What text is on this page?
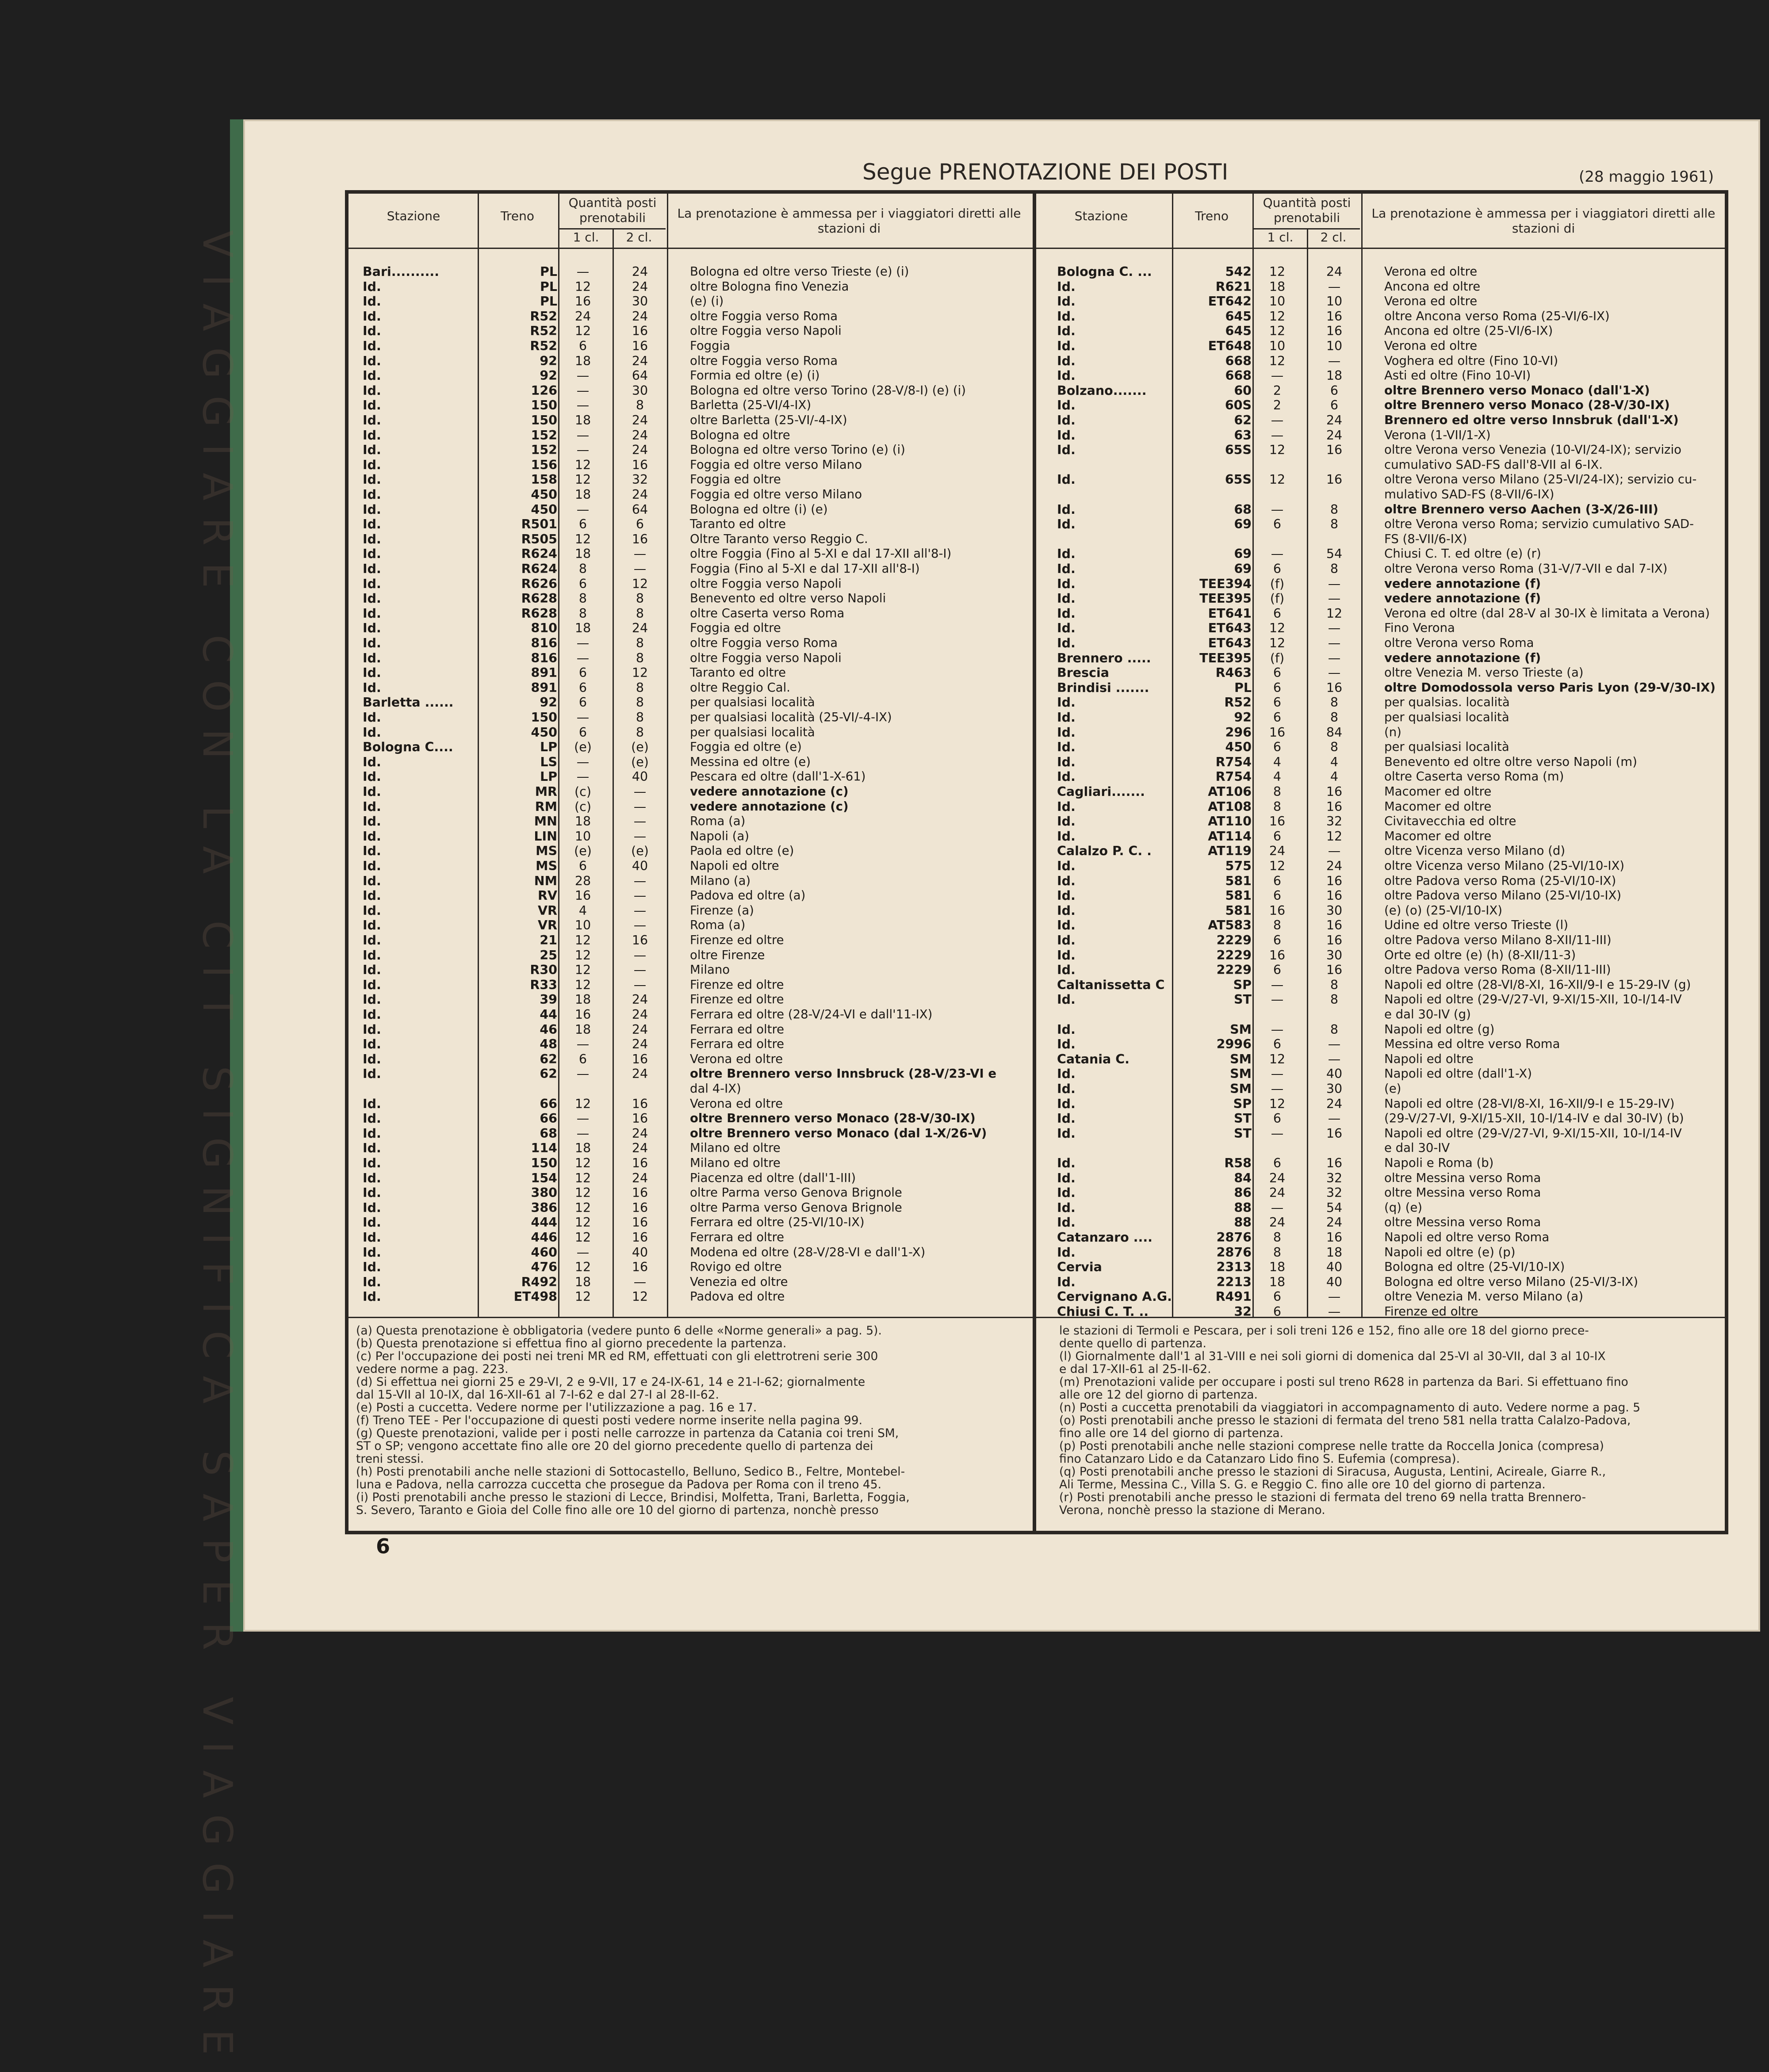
VIAGGIARE CON LA CIT SIGNIFICA SAPER VIAGGIARE
Segue PRENOTAZIONE DEI POSTI	(28 maggio 1961)
Stazione	Treno
Quantità posti prenotabili
1 cl.	2 cl.
La prenotazione è ammessa per i viaggiatori diretti alle stazioni di
Stazione	Treno
Quantità posti prenotabili
1 cl.	2 cl.
La prenotazione è ammessa per i viaggiatori diretti alle stazioni di
Bari..........	PL	—	24	Bologna ed oltre verso Trieste (e) (i)
Id.	PL	12	24	oltre Bologna fino Venezia
Id.	PL	16	30	(e) (i)
Id.	R52	24	24	oltre Foggia verso Roma
Id.	R52	12	16	oltre Foggia verso Napoli
Id.	R52	6	16	Foggia
Id.	92	18	24	oltre Foggia verso Roma
Id.	92	—	64	Formia ed oltre (e) (i)
Id.	126	—	30	Bologna ed oltre verso Torino (28-V/8-I) (e) (i)
Id.	150	—	8	Barletta (25-VI/4-IX)
Id.	150	18	24	oltre Barletta (25-VI/-4-IX)
Id.	152	—	24	Bologna ed oltre
Id.	152	—	24	Bologna ed oltre verso Torino (e) (i)
Id.	156	12	16	Foggia ed oltre verso Milano
Id.	158	12	32	Foggia ed oltre
Id.	450	18	24	Foggia ed oltre verso Milano
Id.	450	—	64	Bologna ed oltre (i) (e)
Id.	R501	6	6	Taranto ed oltre
Id.	R505	12	16	Oltre Taranto verso Reggio C.
Id.	R624	18	—	oltre Foggia (Fino al 5-XI e dal 17-XII all'8-I)
Id.	R624	8	—	Foggia (Fino al 5-XI e dal 17-XII all'8-I)
Id.	R626	6	12	oltre Foggia verso Napoli
Id.	R628	8	8	Benevento ed oltre verso Napoli
Id.	R628	8	8	oltre Caserta verso Roma
Id.	810	18	24	Foggia ed oltre
Id.	816	—	8	oltre Foggia verso Roma
Id.	816	—	8	oltre Foggia verso Napoli
Id.	891	6	12	Taranto ed oltre
Id.	891	6	8	oltre Reggio Cal.
Barletta ......	92	6	8	per qualsiasi località
Id.	150	—	8	per qualsiasi località (25-VI/-4-IX)
Id.	450	6	8	per qualsiasi località
Bologna C....	LP	(e)	(e)	Foggia ed oltre (e)
Id.	LS	—	(e)	Messina ed oltre (e)
Id.	LP	—	40	Pescara ed oltre (dall'1-X-61)
Id.	MR	(c)	—	vedere annotazione (c)
Id.	RM	(c)	—	vedere annotazione (c)
Id.	MN	18	—	Roma (a)
Id.	LIN	10	—	Napoli (a)
Id.	MS	(e)	(e)	Paola ed oltre (e)
Id.	MS	6	40	Napoli ed oltre
Id.	NM	28	—	Milano (a)
Id.	RV	16	—	Padova ed oltre (a)
Id.	VR	4	—	Firenze (a)
Id.	VR	10	—	Roma (a)
Id.	21	12	16	Firenze ed oltre
Id.	25	12	—	oltre Firenze
Id.	R30	12	—	Milano
Id.	R33	12	—	Firenze ed oltre
Id.	39	18	24	Firenze ed oltre
Id.	44	16	24	Ferrara ed oltre (28-V/24-VI e dall'11-IX)
Id.	46	18	24	Ferrara ed oltre
Id.	48	—	24	Ferrara ed oltre
Id.	62	6	16	Verona ed oltre
Id.	62	—	24	oltre Brennero verso Innsbruck (28-V/23-VI e
dal 4-IX)
Id.	66	12	16	Verona ed oltre
Id.	66	—	16	oltre Brennero verso Monaco (28-V/30-IX)
Id.	68	—	24	oltre Brennero verso Monaco (dal 1-X/26-V)
Id.	114	18	24	Milano ed oltre
Id.	150	12	16	Milano ed oltre
Id.	154	12	24	Piacenza ed oltre (dall'1-III)
Id.	380	12	16	oltre Parma verso Genova Brignole
Id.	386	12	16	oltre Parma verso Genova Brignole
Id.	444	12	16	Ferrara ed oltre (25-VI/10-IX)
Id.	446	12	16	Ferrara ed oltre
Id.	460	—	40	Modena ed oltre (28-V/28-VI e dall'1-X)
Id.	476	12	16	Rovigo ed oltre
Id.	R492	18	—	Venezia ed oltre
Id.	ET498	12	12	Padova ed oltre
Bologna C. ...	542	12	24	Verona ed oltre
Id.	R621	18	—	Ancona ed oltre
Id.	ET642	10	10	Verona ed oltre
Id.	645	12	16	oltre Ancona verso Roma (25-VI/6-IX)
Id.	645	12	16	Ancona ed oltre (25-VI/6-IX)
Id.	ET648	10	10	Verona ed oltre
Id.	668	12	—	Voghera ed oltre (Fino 10-VI)
Id.	668	—	18	Asti ed oltre (Fino 10-VI)
Bolzano.......	60	2	6	oltre Brennero verso Monaco (dall'1-X)
Id.	60S	2	6	oltre Brennero verso Monaco (28-V/30-IX)
Id.	62	—	24	Brennero ed oltre verso Innsbruk (dall'1-X)
Id.	63	—	24	Verona (1-VII/1-X)
Id.	65S	12	16	oltre Verona verso Venezia (10-VI/24-IX); servizio
cumulativo SAD-FS dall'8-VII al 6-IX.
Id.	65S	12	16	oltre Verona verso Milano (25-VI/24-IX); servizio cu-
mulativo SAD-FS (8-VII/6-IX)
Id.	68	—	8	oltre Brennero verso Aachen (3-X/26-III)
Id.	69	6	8	oltre Verona verso Roma; servizio cumulativo SAD-
FS (8-VII/6-IX)
Id.	69	—	54	Chiusi C. T. ed oltre (e) (r)
Id.	69	6	8	oltre Verona verso Roma (31-V/7-VII e dal 7-IX)
Id.	TEE394	(f)	—	vedere annotazione (f)
Id.	TEE395	(f)	—	vedere annotazione (f)
Id.	ET641	6	12	Verona ed oltre (dal 28-V al 30-IX è limitata a Verona)
Id.	ET643	12	—	Fino Verona
Id.	ET643	12	—	oltre Verona verso Roma
Brennero .....	TEE395	(f)	—	vedere annotazione (f)
Brescia	R463	6	—	oltre Venezia M. verso Trieste (a)
Brindisi .......	PL	6	16	oltre Domodossola verso Paris Lyon (29-V/30-IX)
Id.	R52	6	8	per qualsias. località
Id.	92	6	8	per qualsiasi località
Id.	296	16	84	(n)
Id.	450	6	8	per qualsiasi località
Id.	R754	4	4	Benevento ed oltre oltre verso Napoli (m)
Id.	R754	4	4	oltre Caserta verso Roma (m)
Cagliari.......	AT106	8	16	Macomer ed oltre
Id.	AT108	8	16	Macomer ed oltre
Id.	AT110	16	32	Civitavecchia ed oltre
Id.	AT114	6	12	Macomer ed oltre
Calalzo P. C. .	AT119	24	—	oltre Vicenza verso Milano (d)
Id.	575	12	24	oltre Vicenza verso Milano (25-VI/10-IX)
Id.	581	6	16	oltre Padova verso Roma (25-VI/10-IX)
Id.	581	6	16	oltre Padova verso Milano (25-VI/10-IX)
Id.	581	16	30	(e) (o) (25-VI/10-IX)
Id.	AT583	8	16	Udine ed oltre verso Trieste (l)
Id.	2229	6	16	oltre Padova verso Milano 8-XII/11-III)
Id.	2229	16	30	Orte ed oltre (e) (h) (8-XII/11-3)
Id.	2229	6	16	oltre Padova verso Roma (8-XII/11-III)
Caltanissetta C	SP	—	8	Napoli ed oltre (28-VI/8-XI, 16-XII/9-I e 15-29-IV (g)
Id.	ST	—	8	Napoli ed oltre (29-V/27-VI, 9-XI/15-XII, 10-I/14-IV
e dal 30-IV (g)
Id.	SM	—	8	Napoli ed oltre (g)
Id.	2996	6	—	Messina ed oltre verso Roma
Catania C.	SM	12	—	Napoli ed oltre
Id.	SM	—	40	Napoli ed oltre (dall'1-X)
Id.	SM	—	30	(e)
Id.	SP	12	24	Napoli ed oltre (28-VI/8-XI, 16-XII/9-I e 15-29-IV)
Id.	ST	6	—	(29-V/27-VI, 9-XI/15-XII, 10-I/14-IV e dal 30-IV) (b)
Id.	ST	—	16	Napoli ed oltre (29-V/27-VI, 9-XI/15-XII, 10-I/14-IV
e dal 30-IV
Id.	R58	6	16	Napoli e Roma (b)
Id.	84	24	32	oltre Messina verso Roma
Id.	86	24	32	oltre Messina verso Roma
Id.	88	—	54	(q) (e)
Id.	88	24	24	oltre Messina verso Roma
Catanzaro ....	2876	8	16	Napoli ed oltre verso Roma
Id.	2876	8	18	Napoli ed oltre (e) (p)
Cervia	2313	18	40	Bologna ed oltre (25-VI/10-IX)
Id.	2213	18	40	Bologna ed oltre verso Milano (25-VI/3-IX)
Cervignano A.G.	R491	6	—	oltre Venezia M. verso Milano (a)
Chiusi C. T. ..	32	6	—	Firenze ed oltre
(a) Questa prenotazione è obbligatoria (vedere punto 6 delle «Norme generali» a pag. 5).
(b) Questa prenotazione si effettua fino al giorno precedente la partenza.
(c) Per l'occupazione dei posti nei treni MR ed RM, effettuati con gli elettrotreni serie 300
vedere norme a pag. 223.
(d) Si effettua nei giorni 25 e 29-VI, 2 e 9-VII, 17 e 24-IX-61, 14 e 21-I-62; giornalmente
dal 15-VII al 10-IX, dal 16-XII-61 al 7-I-62 e dal 27-I al 28-II-62.
(e) Posti a cuccetta. Vedere norme per l'utilizzazione a pag. 16 e 17.
(f) Treno TEE - Per l'occupazione di questi posti vedere norme inserite nella pagina 99.
(g) Queste prenotazioni, valide per i posti nelle carrozze in partenza da Catania coi treni SM,
ST o SP; vengono accettate fino alle ore 20 del giorno precedente quello di partenza dei
treni stessi.
(h) Posti prenotabili anche nelle stazioni di Sottocastello, Belluno, Sedico B., Feltre, Montebel-
luna e Padova, nella carrozza cuccetta che prosegue da Padova per Roma con il treno 45.
(i) Posti prenotabili anche presso le stazioni di Lecce, Brindisi, Molfetta, Trani, Barletta, Foggia,
S. Severo, Taranto e Gioia del Colle fino alle ore 10 del giorno di partenza, nonchè presso
le stazioni di Termoli e Pescara, per i soli treni 126 e 152, fino alle ore 18 del giorno prece-
dente quello di partenza.
(l) Giornalmente dall'1 al 31-VIII e nei soli giorni di domenica dal 25-VI al 30-VII, dal 3 al 10-IX
e dal 17-XII-61 al 25-II-62.
(m) Prenotazioni valide per occupare i posti sul treno R628 in partenza da Bari. Si effettuano fino
alle ore 12 del giorno di partenza.
(n) Posti a cuccetta prenotabili da viaggiatori in accompagnamento di auto. Vedere norme a pag. 5
(o) Posti prenotabili anche presso le stazioni di fermata del treno 581 nella tratta Calalzo-Padova,
fino alle ore 14 del giorno di partenza.
(p) Posti prenotabili anche nelle stazioni comprese nelle tratte da Roccella Jonica (compresa)
fino Catanzaro Lido e da Catanzaro Lido fino S. Eufemia (compresa).
(q) Posti prenotabili anche presso le stazioni di Siracusa, Augusta, Lentini, Acireale, Giarre R.,
Ali Terme, Messina C., Villa S. G. e Reggio C. fino alle ore 10 del giorno di partenza.
(r) Posti prenotabili anche presso le stazioni di fermata del treno 69 nella tratta Brennero-
Verona, nonchè presso la stazione di Merano.
6
